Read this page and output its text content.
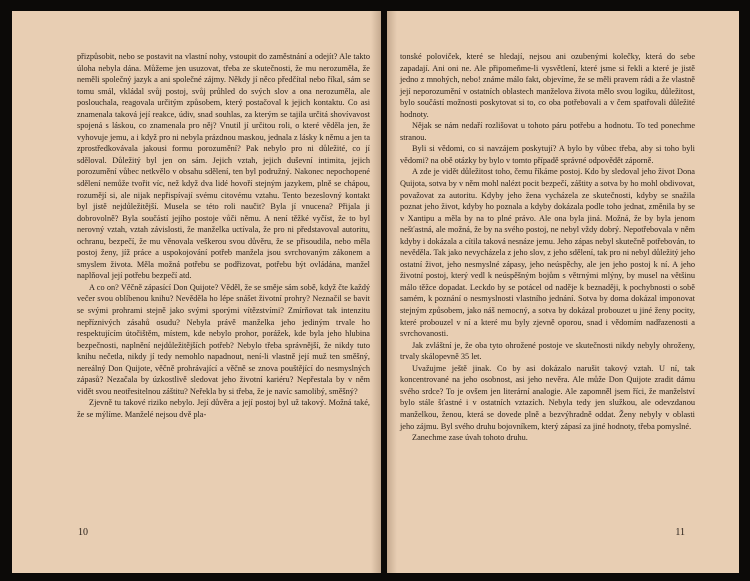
přizpůsobit, nebo se postavit na vlastní nohy, vstoupit do zaměstnání a odejít? Ale takto úloha nebyla dána. Můžeme jen usuzovat, třeba ze skutečnosti, že mu nerozuměla, že neměli společný jazyk a ani společné zájmy. Někdy jí něco předčítal nebo říkal, sám se tomu smál, vkládal svůj postoj, svůj průhled do svých slov a ona nerozuměla, ale poslouchala, reagovala určitým způsobem, který postačoval k jejich kontaktu. Co asi znamenala taková její reakce, údiv, snad souhlas, za kterým se tajila určitá shovívavost spojená s láskou, co znamenala pro něj? Vnutil jí určitou roli, o které věděla jen, že vyhovuje jemu, a i když pro ni nebyla prázdnou maskou, jednala z lásky k němu a jen ta zprostředkovávala jakousi formu porozumění? Pak nebylo pro ni důležité, co jí sděloval. Důležitý byl jen on sám. Jejich vztah, jejich duševní intimita, jejich porozumění vůbec netkvělo v obsahu sdělení, ten byl podružný. Nakonec nepochopené sdělení nemůže tvořit víc, než když dva lidé hovoří stejným jazykem, plně se chápou, rozumějí si, ale nijak nepřispívají svému citovému vztahu. Tento bezeslovný kontakt byl jistě nejdůležitější. Musela se této roli naučit? Byla jí vnucena? Přijala ji dobrovolně? Byla součástí jejího postoje vůči němu. A není těžké vyčíst, že to byl nerovný vztah, vztah závislosti, že manželka uctívala, že pro ni představoval autoritu, ochranu, bezpečí, že mu věnovala veškerou svou důvěru, že se přisoudila, nebo měla postoj ženy, jíž práce a uspokojování potřeb manžela jsou svrchovaným zákonem a smyslem života. Měla možná potřebu se podřizovat, potřebu být ovládána, manžel naplňoval její potřebu bezpečí atd.

A co on? Věčně zápasící Don Quijote? Věděl, že se směje sám sobě, když čte každý večer svou oblíbenou knihu? Nevěděla ho lépe snášet životní prohry? Neznačil se bavit se svými prohrami stejně jako svými sporými vítězstvími? Zmírňovat tak intenzitu nepříznivých zásahů osudu? Nebyla právě manželka jeho jediným trvale ho respektujícím útočištěm, místem, kde nebylo prohor, porážek, kde byla jeho hlubina bezpečnosti, naplnění nejdůležitějších potřeb? Nebylo třeba správnější, že nikdy tuto knihu nečetla, nikdy jí tedy nemohlo napadnout, není-li vlastně její muž ten směšný, nereálný Don Quijote, věčně prohrávající a věčně se znova pouštějící do nesmyslných zápasů? Nezačala by úzkostlivě sledovat jeho životní kariéru? Nepřestala by v něm vidět svou neotřesitelnou záštitu? Neřekla by si třeba, že je navíc samolibý, směšný?

Zjevně tu takové riziko nebylo. Její důvěra a její postoj byl už takový. Možná také, že se mýlíme. Manželé nejsou dvě pla-

10

tonské poloviček, které se hledají, nejsou ani ozubenými kolečky, která do sebe zapadají. Ani oni ne. Ale připomeňme-li vysvětlení, které jsme si řekli a které je jistě jedno z mnohých, nebo! známe málo fakt, objevíme, že se měli pravem rádi a že vlastně její neporozumění v ostatních oblastech manželova života mělo svou logiku, důležitost, bylo součástí možnosti poskytovat si to, co oba potřebovali a v čem spatřovali důležité hodnoty.

Nějak se nám nedaří rozlišovat u tohoto páru potřebu a hodnotu. To ted ponechme stranou.

Byli si vědomi, co si navzájem poskytují? A bylo by vůbec třeba, aby si toho byli vědomi? na obě otázky by bylo v tomto případě správné odpovědět záporně.

A zde je vidět důležitost toho, čemu říkáme postoj. Kdo by sledoval jeho život Dona Quijota, sotva by v něm mohl nalézt pocit bezpečí, záštity a sotva by ho mohl obdivovat, považovat za autoritu. Kdyby jeho žena vycházela ze skutečnosti, kdyby se snažila poznat jeho život, kdyby ho poznala a kdyby dokázala podle toho jednat, změnila by se v Xantipu a měla by na to plné právo. Ale ona byla jiná. Možná, že by byla jenom nešťastná, ale možná, že by na svého postoj, ne nebyl vždy dobrý. Nepotřebovala v něm kdyby i dokázala a cítila taková nesnáze jemu. Jeho zápas nebyl skutečně potřebován, to nevěděla. Tak jako nevycházela z jeho slov, z jeho sdělení, tak pro ni nebyl důležitý jeho ostatní život, jeho nesmyslné zápasy, jeho neúspěchy, ale jen jeho postoj k ní. A jeho životní postoj, který vedl k neúspěšným bojům s větrnými mlýny, by musel na většinu málo těžce dopadat. Leckdo by se potácel od naděje k beznaději, k pochybnosti o sobě samém, k poznání o nesmyslnosti vlastního jednání. Sotva by doma dokázal imponovat stejným způsobem, jako náš nemocný, a sotva by dokázal probouzet u jiné ženy pocity, které probouzel v ní a které mu byly zjevně oporou, snad i vědomím nadřazenosti a svrchovanosti.

Jak zvláštní je, že oba tyto ohrožené postoje ve skutečnosti nikdy nebyly ohroženy, trvaly skálopevně 35 let.

Uvažujme ještě jinak. Co by asi dokázalo narušit takový vztah. U ní, tak koncentrované na jeho osobnost, asi jeho nevěra. Ale může Don Quijote zradit dámu svého srdce? To je ovšem jen literární analogie. Ale zapomněl jsem říci, že manželství bylo stále šťastné i v ostatních vztazích. Nebyla tedy jen služkou, ale odevzdanou manželkou, ženou, která se dovede plně a bezvýhradně oddat. Ženy nebyly v oblasti jeho zájmu. Byl svého druhu bojovníkem, který zápasí za jiné hodnoty, třeba pomyslné.

Zanechme zase úvah tohoto druhu.

11
